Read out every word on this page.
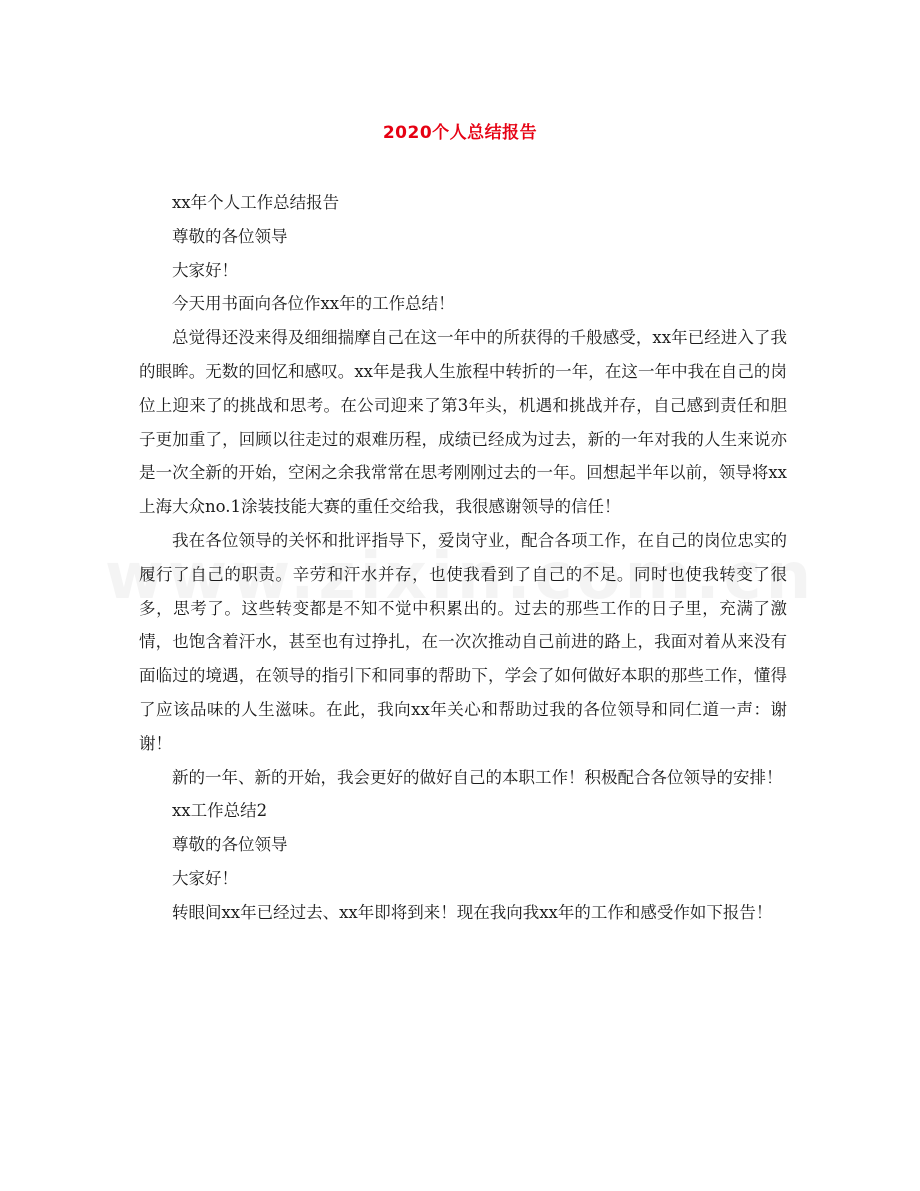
2020个人总结报告

xx年个人工作总结报告

尊敬的各位领导

大家好！

今天用书面向各位作xx年的工作总结！

总觉得还没来得及细细揣摩自己在这一年中的所获得的千般感受，xx年已经进入了我的眼眸。无数的回忆和感叹。xx年是我人生旅程中转折的一年，在这一年中我在自己的岗位上迎来了的挑战和思考。在公司迎来了第3年头，机遇和挑战并存，自己感到责任和胆子更加重了，回顾以往走过的艰难历程，成绩已经成为过去，新的一年对我的人生来说亦是一次全新的开始，空闲之余我常常在思考刚刚过去的一年。回想起半年以前，领导将xx上海大众no.1涂装技能大赛的重任交给我，我很感谢领导的信任！

我在各位领导的关怀和批评指导下，爱岗守业，配合各项工作，在自己的岗位忠实的履行了自己的职责。辛劳和汗水并存，也使我看到了自己的不足。同时也使我转变了很多，思考了。这些转变都是不知不觉中积累出的。过去的那些工作的日子里，充满了激情，也饱含着汗水，甚至也有过挣扎，在一次次推动自己前进的路上，我面对着从来没有面临过的境遇，在领导的指引下和同事的帮助下，学会了如何做好本职的那些工作，懂得了应该品味的人生滋味。在此，我向xx年关心和帮助过我的各位领导和同仁道一声：谢谢！

新的一年、新的开始，我会更好的做好自己的本职工作！积极配合各位领导的安排！

xx工作总结2

尊敬的各位领导

大家好！

转眼间xx年已经过去、xx年即将到来！现在我向我xx年的工作和感受作如下报告！
